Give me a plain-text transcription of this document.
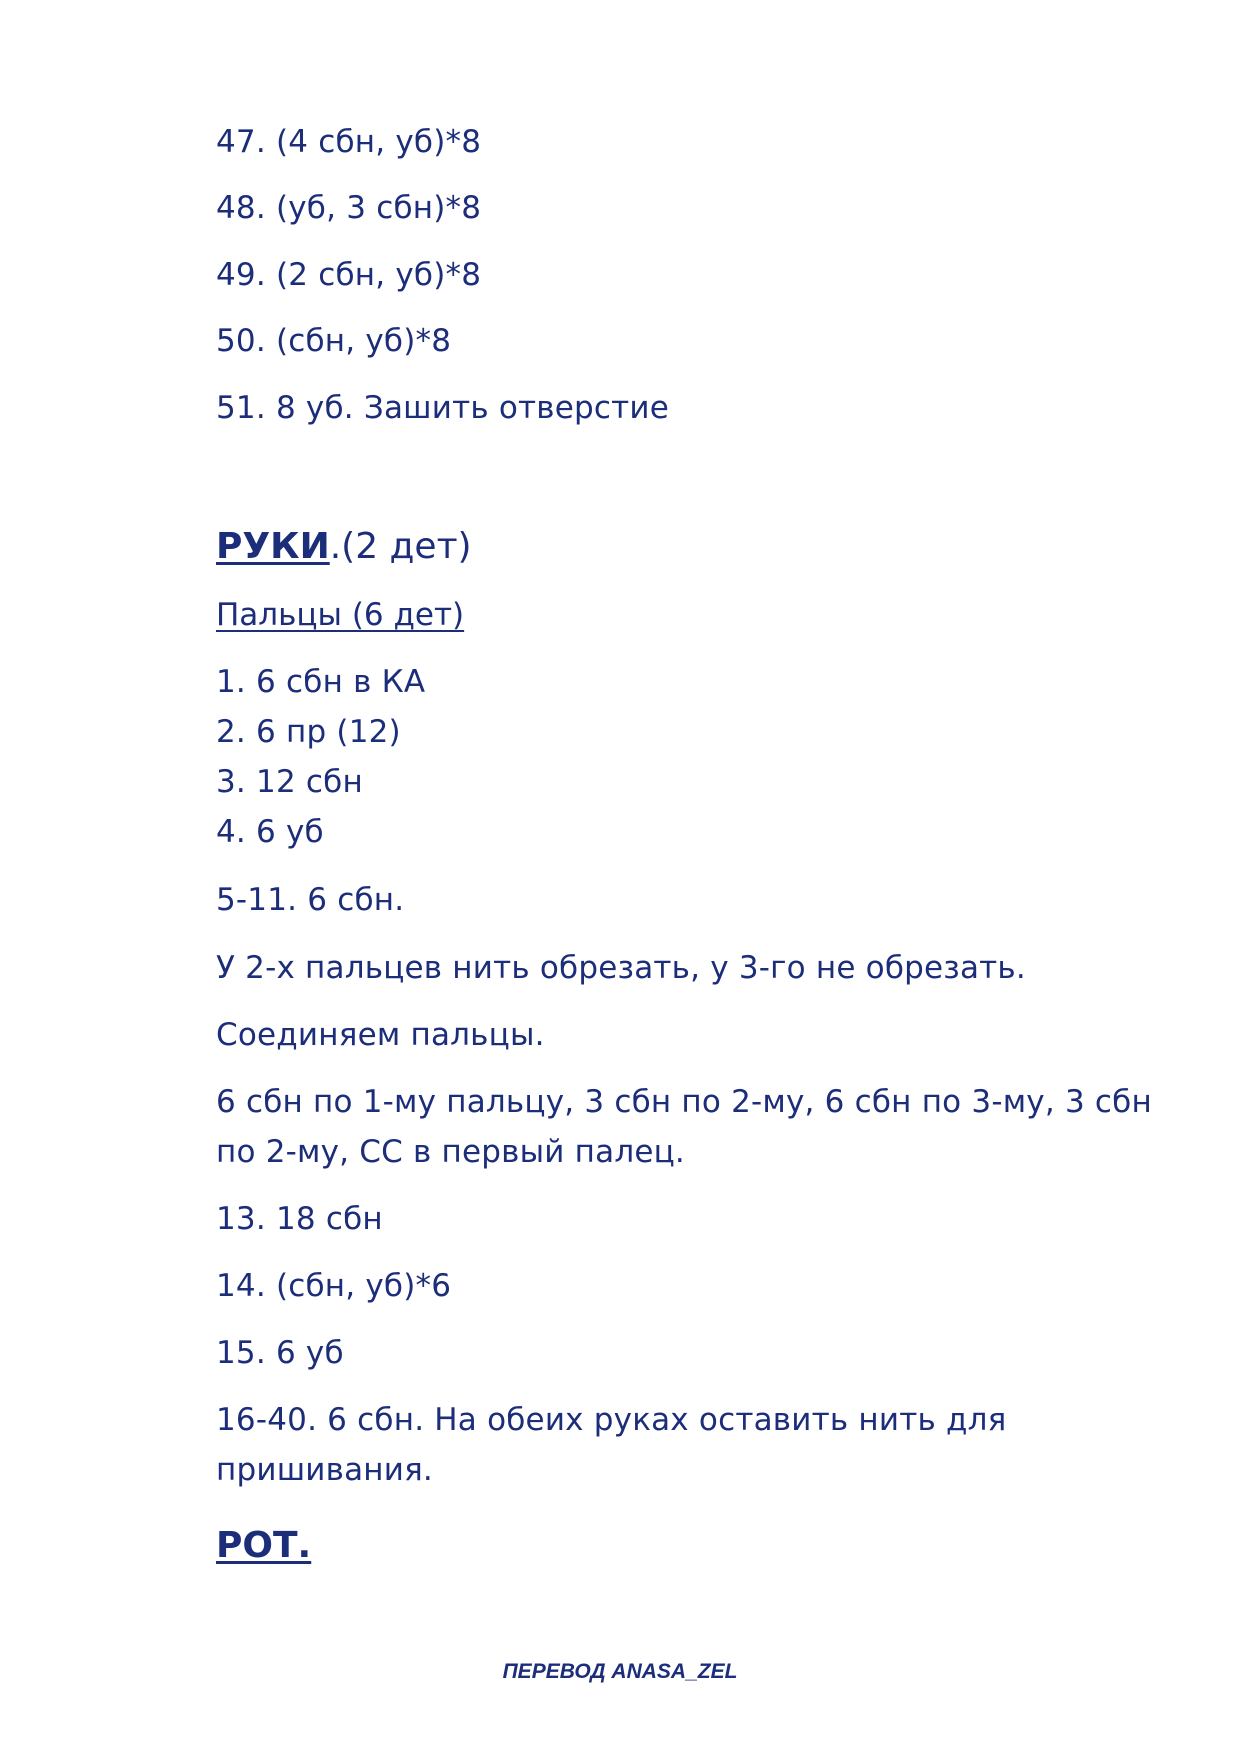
47. (4 сбн, уб)*8
48. (уб, 3 сбн)*8
49. (2 сбн, уб)*8
50. (сбн, уб)*8
51. 8 уб. Зашить отверстие
РУКИ.(2 дет)
Пальцы (6 дет)
1. 6 сбн в КА
2. 6 пр (12)
3. 12 сбн
4. 6 уб
5-11. 6 сбн.
У 2-х пальцев нить обрезать, у 3-го не обрезать.
Соединяем пальцы.
6 сбн по 1-му пальцу, 3 сбн по 2-му, 6 сбн по 3-му, 3 сбн
по 2-му, СС в первый палец.
13. 18 сбн
14. (сбн, уб)*6
15. 6 уб
16-40. 6 сбн. На обеих руках оставить нить для
пришивания.
РОТ.
ПЕРЕВОД ANASA_ZEL
